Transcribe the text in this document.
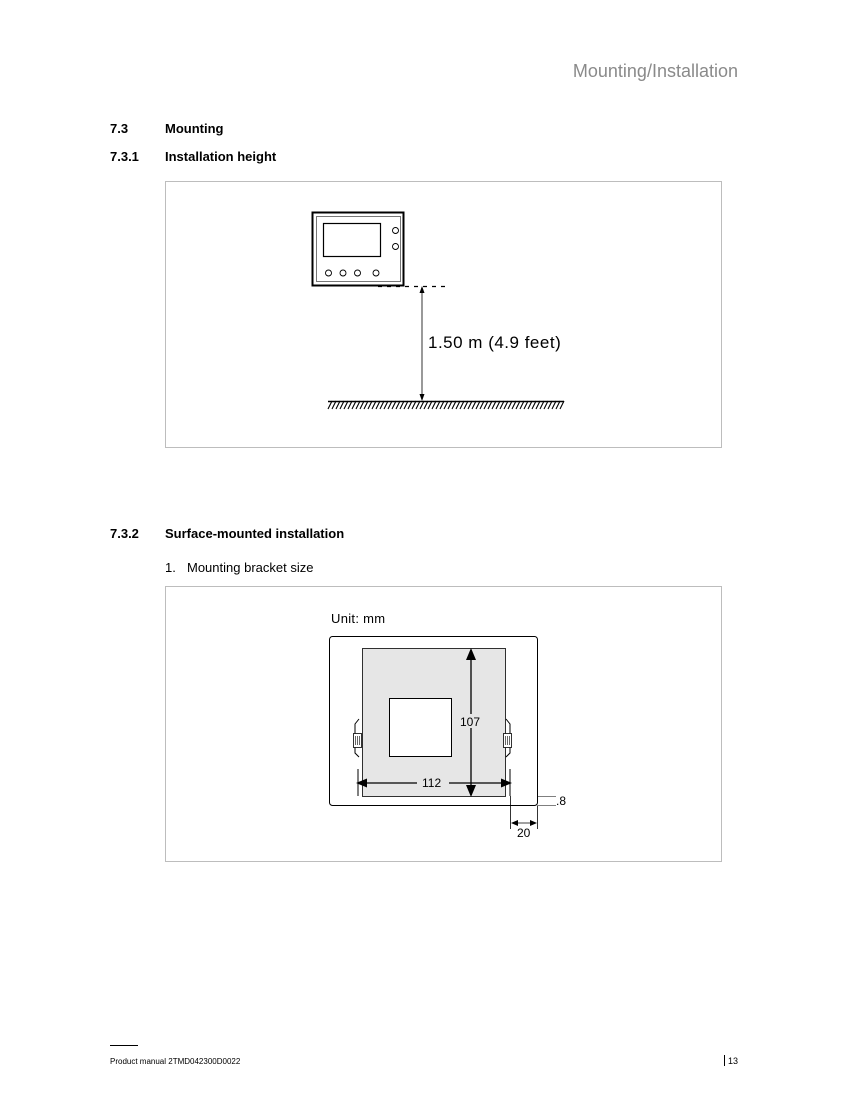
Mounting/Installation
7.3	Mounting
7.3.1 Installation height
1.50 m (4.9 feet)
7.3.2 Surface-mounted installation
1. Mounting bracket size
Unit: mm
107
112
20
.8
Product manual 2TMD042300D0022	13
